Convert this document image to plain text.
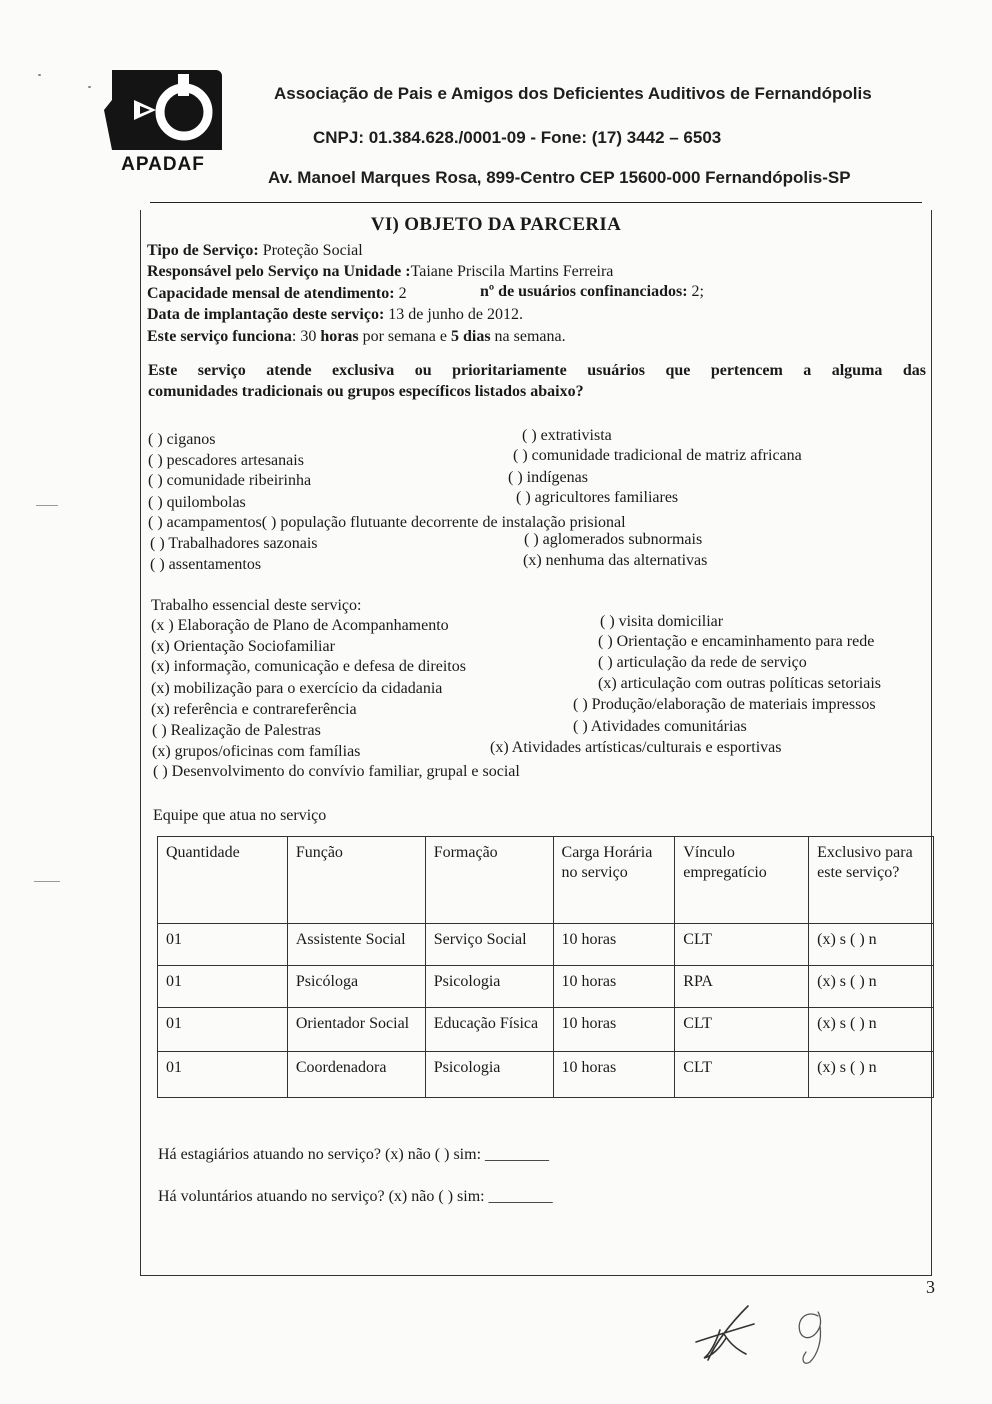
APADAF
Associação de Pais e Amigos dos Deficientes Auditivos de Fernandópolis
CNPJ: 01.384.628./0001-09 - Fone: (17) 3442 – 6503
Av. Manoel Marques Rosa, 899-Centro CEP 15600-000 Fernandópolis-SP
VI) OBJETO DA PARCERIA
Tipo de Serviço: Proteção Social
Responsável pelo Serviço na Unidade :Taiane Priscila Martins Ferreira
Capacidade mensal de atendimento: 2	nº de usuários confinanciados: 2;
Data de implantação deste serviço: 13 de junho de 2012.
Este serviço funciona: 30 horas por semana e 5 dias na semana.
Este serviço atende exclusiva ou prioritariamente usuários que pertencem a alguma das
comunidades tradicionais ou grupos específicos listados abaixo?
( ) ciganos
( ) pescadores artesanais
( ) comunidade ribeirinha
( ) quilombolas
( ) acampamentos( ) população flutuante decorrente de instalação prisional
( ) Trabalhadores sazonais
( ) assentamentos
( ) extrativista
( ) comunidade tradicional de matriz africana
( ) indígenas
( ) agricultores familiares
( ) aglomerados subnormais
(x) nenhuma das alternativas
Trabalho essencial deste serviço:
(x ) Elaboração de Plano de Acompanhamento
(x) Orientação Sociofamiliar
(x) informação, comunicação e defesa de direitos
(x) mobilização para o exercício da cidadania
(x) referência e contrareferência
( ) Realização de Palestras
(x) grupos/oficinas com famílias
( ) Desenvolvimento do convívio familiar, grupal e social
( ) visita domiciliar
( ) Orientação e encaminhamento para rede
( ) articulação da rede de serviço
(x) articulação com outras políticas setoriais
( ) Produção/elaboração de materiais impressos
( ) Atividades comunitárias
(x) Atividades artísticas/culturais e esportivas
Equipe que atua no serviço
Quantidade	Função	Formação	Carga Horária no serviço	Vínculo empregatício	Exclusivo para este serviço?
01	Assistente Social	Serviço Social	10 horas	CLT	(x) s ( ) n
01	Psicóloga	Psicologia	10 horas	RPA	(x) s ( ) n
01	Orientador Social	Educação Física	10 horas	CLT	(x) s ( ) n
01	Coordenadora	Psicologia	10 horas	CLT	(x) s ( ) n
Há estagiários atuando no serviço? (x) não ( ) sim: ________
Há voluntários atuando no serviço? (x) não ( ) sim: ________
3
